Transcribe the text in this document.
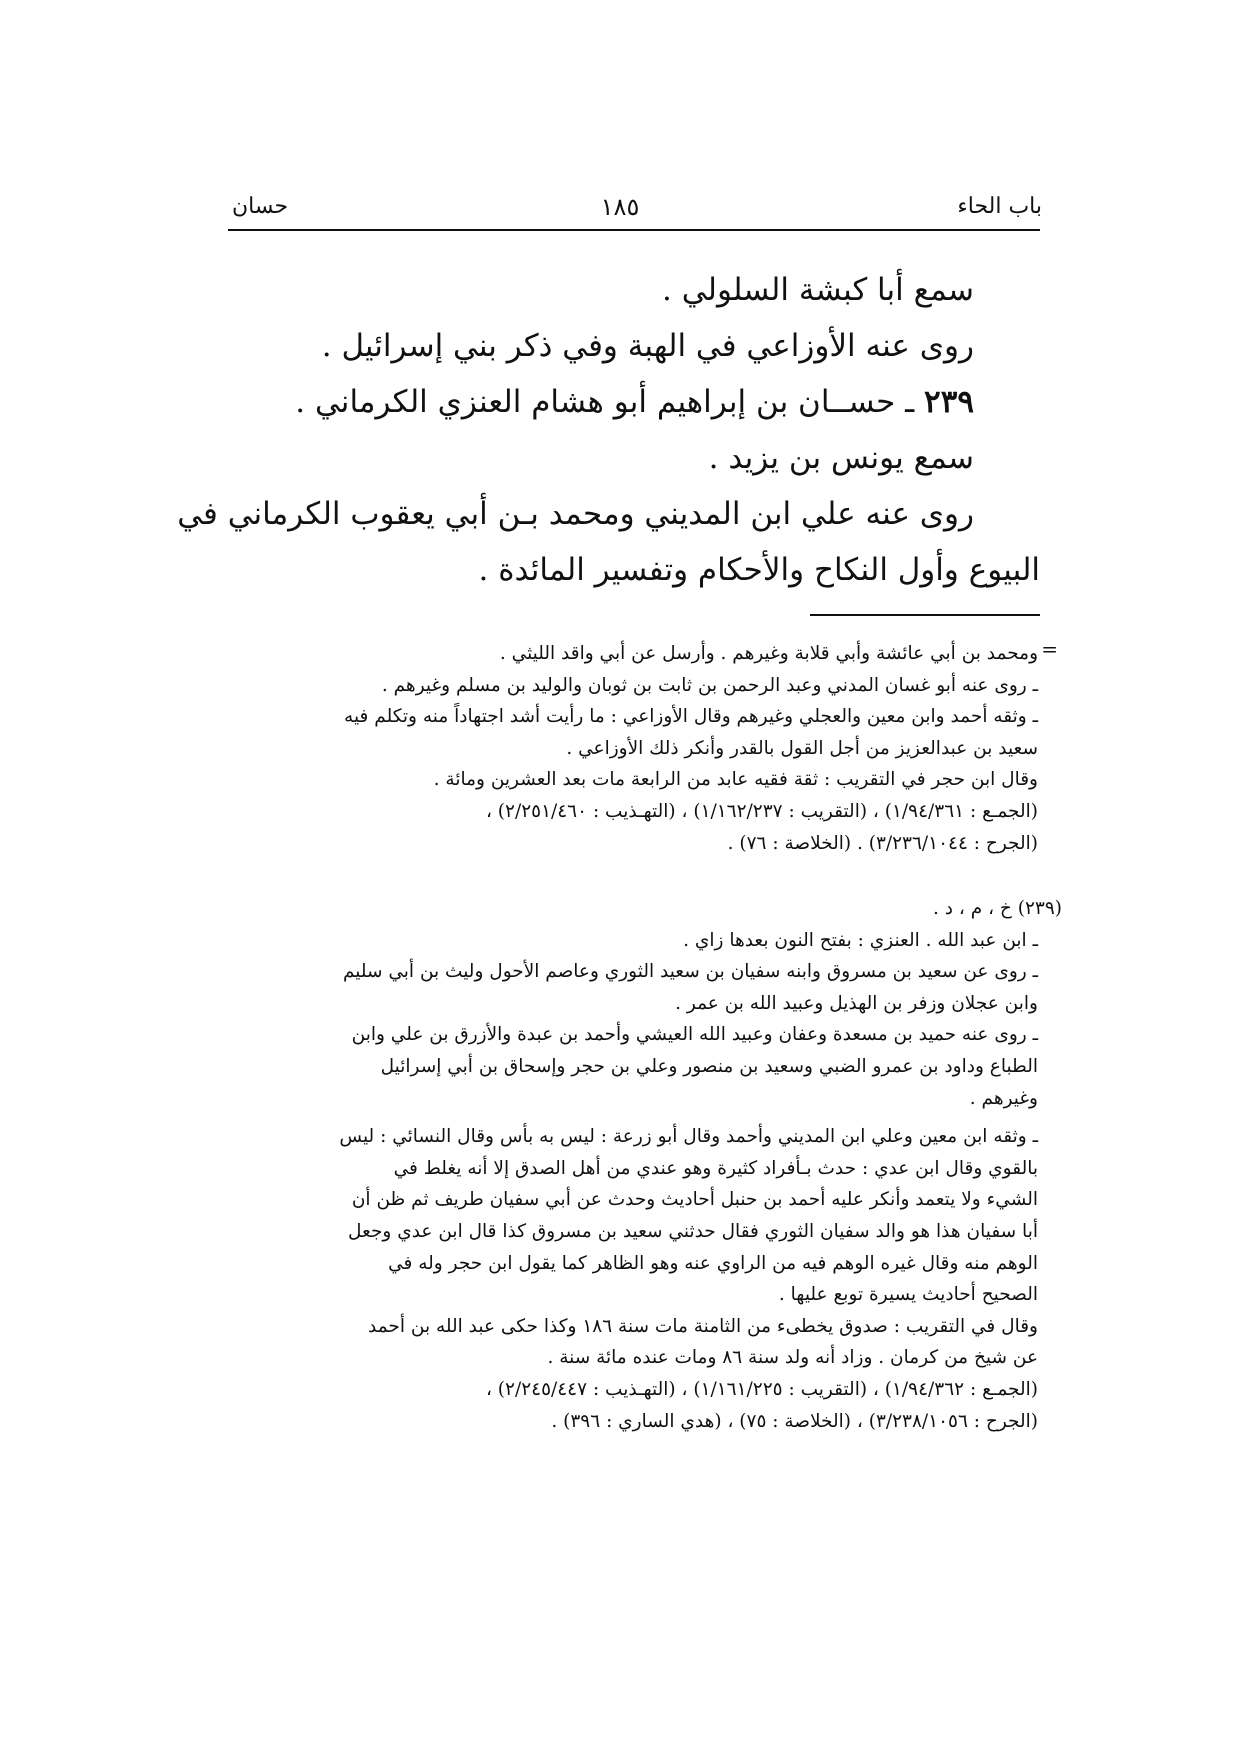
باب الحاء
١٨٥
حسان

سمع أبا كبشة السلولي .

روى عنه الأوزاعي في الهبة وفي ذكر بني إسرائيل .

٢٣٩ ـ حســان بن إبراهيم أبو هشام العنزي الكرماني .

سمع يونس بن يزيد .

روى عنه علي ابن المديني ومحمد بـن أبي يعقوب الكرماني في

البيوع وأول النكاح والأحكام وتفسير المائدة .

=

ومحمد بن أبي عائشة وأبي قلابة وغيرهم . وأرسل عن أبي واقد الليثي .

ـ روى عنه أبو غسان المدني وعبد الرحمن بن ثابت بن ثوبان والوليد بن مسلم وغيرهم .

ـ وثقه أحمد وابن معين والعجلي وغيرهم وقال الأوزاعي : ما رأيت أشد اجتهاداً منه وتكلم فيه

سعيد بن عبدالعزيز من أجل القول بالقدر وأنكر ذلك الأوزاعي .

وقال ابن حجر في التقريب : ثقة فقيه عابد من الرابعة مات بعد العشرين ومائة .

(الجمـع : ١/٩٤/٣٦١) ، (التقريب : ١/١٦٢/٢٣٧) ، (التهـذيب : ٢/٢٥١/٤٦٠) ،

(الجرح : ٣/٢٣٦/١٠٤٤) . (الخلاصة : ٧٦) .

(٢٣٩) خ ، م ، د .

ـ ابن عبد الله . العنزي : بفتح النون بعدها زاي .

ـ روى عن سعيد بن مسروق وابنه سفيان بن سعيد الثوري وعاصم الأحول وليث بن أبي سليم

وابن عجلان وزفر بن الهذيل وعبيد الله بن عمر .

ـ روى عنه حميد بن مسعدة وعفان وعبيد الله العيشي وأحمد بن عبدة والأزرق بن علي وابن

الطباع وداود بن عمرو الضبي وسعيد بن منصور وعلي بن حجر وإسحاق بن أبي إسرائيل

وغيرهم .

ـ وثقه ابن معين وعلي ابن المديني وأحمد وقال أبو زرعة : ليس به بأس وقال النسائي : ليس

بالقوي وقال ابن عدي : حدث بـأفراد كثيرة وهو عندي من أهل الصدق إلا أنه يغلط في

الشيء ولا يتعمد وأنكر عليه أحمد بن حنبل أحاديث وحدث عن أبي سفيان طريف ثم ظن أن

أبا سفيان هذا هو والد سفيان الثوري فقال حدثني سعيد بن مسروق كذا قال ابن عدي وجعل

الوهم منه وقال غيره الوهم فيه من الراوي عنه وهو الظاهر كما يقول ابن حجر وله في

الصحيح أحاديث يسيرة توبع عليها .

وقال في التقريب : صدوق يخطىء من الثامنة مات سنة ١٨٦ وكذا حكى عبد الله بن أحمد

عن شيخ من كرمان . وزاد أنه ولد سنة ٨٦ ومات عنده مائة سنة .

(الجمـع : ١/٩٤/٣٦٢) ، (التقريب : ١/١٦١/٢٢٥) ، (التهـذيب : ٢/٢٤٥/٤٤٧) ،

(الجرح : ٣/٢٣٨/١٠٥٦) ، (الخلاصة : ٧٥) ، (هدي الساري : ٣٩٦) .
